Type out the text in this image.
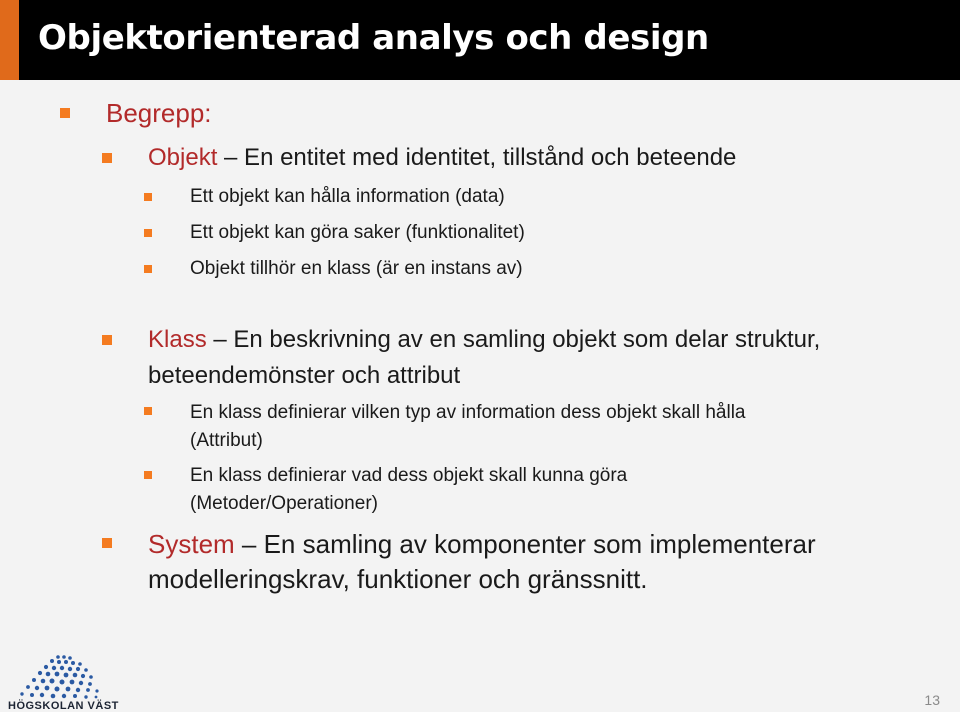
Objektorienterad analys och design
Begrepp:
Objekt – En entitet med identitet, tillstånd och beteende
Ett objekt kan hålla information (data)
Ett objekt kan göra saker (funktionalitet)
Objekt tillhör en klass (är en instans av)
Klass – En beskrivning av en samling objekt som delar struktur,
beteendemönster och attribut
En klass definierar vilken typ av information dess objekt skall hålla
(Attribut)
En klass definierar vad dess objekt skall kunna göra
(Metoder/Operationer)
System – En samling av komponenter som implementerar
modelleringskrav, funktioner och gränssnitt.
HÖGSKOLAN VÄST	13
